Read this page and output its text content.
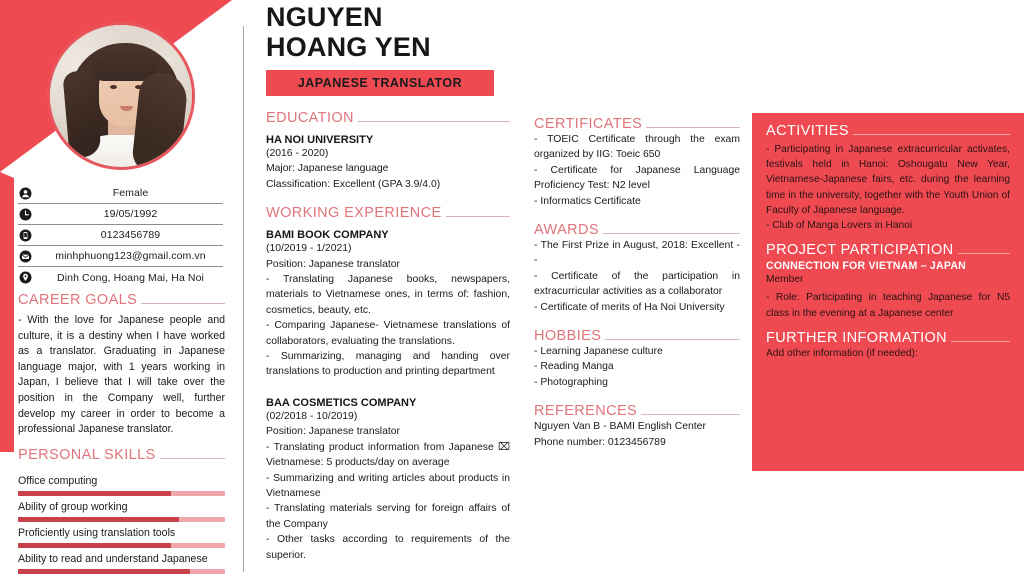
Female
19/05/1992
0123456789
minhphuong123@gmail.com.vn
Dinh Cong, Hoang Mai, Ha Noi
CAREER GOALS
- With the love for Japanese people and culture, it is a destiny when I have worked as a translator. Graduating in Japanese language major, with 1 years working in Japan, I believe that I will take over the position in the Company well, further develop my career in order to become a professional Japanese translator.
PERSONAL SKILLS
Office computing
Ability of group working
Proficiently using translation tools
Ability to read and understand Japanese
NGUYEN
HOANG YEN
JAPANESE TRANSLATOR
EDUCATION
HA NOI UNIVERSITY
(2016 - 2020)
Major: Japanese language
Classification: Excellent (GPA 3.9/4.0)
WORKING EXPERIENCE
BAMI BOOK COMPANY
(10/2019 - 1/2021)
Position: Japanese translator
- Translating Japanese books, newspapers, materials to Vietnamese ones, in terms of: fashion, cosmetics, beauty, etc.
- Comparing Japanese- Vietnamese translations of collaborators, evaluating the translations.
- Summarizing, managing and handing over translations to production and printing department
BAA COSMETICS COMPANY
(02/2018 - 10/2019)
Position: Japanese translator
- Translating product information from Japanese ⌧ Vietnamese: 5 products/day on average
- Summarizing and writing articles about products in Vietnamese
- Translating materials serving for foreign affairs of the Company
- Other tasks according to requirements of the superior.
CERTIFICATES
- TOEIC Certificate through the exam organized by IIG: Toeic 650
- Certificate for Japanese Language Proficiency Test: N2 level
- Informatics Certificate
AWARDS
- The First Prize in August, 2018: Excellent - -
- Certificate of the participation in extracurricular activities as a collaborator
- Certificate of merits of Ha Noi University
HOBBIES
- Learning Japanese culture
- Reading Manga
- Photographing
REFERENCES
Nguyen Van B - BAMI English Center
Phone number: 0123456789
ACTIVITIES
- Participating in Japanese extracurricular activates, festivals held in Hanoi: Oshougatu New Year, Vietnamese-Japanese fairs, etc. during the learning time in the university, together with the Youth Union of Faculty of Japanese language.
- Club of Manga Lovers in Hanoi
PROJECT PARTICIPATION
CONNECTION FOR VIETNAM – JAPAN
Member
- Role: Participating in teaching Japanese for N5 class in the evening at a Japanese center
FURTHER INFORMATION
Add other information (if needed):
